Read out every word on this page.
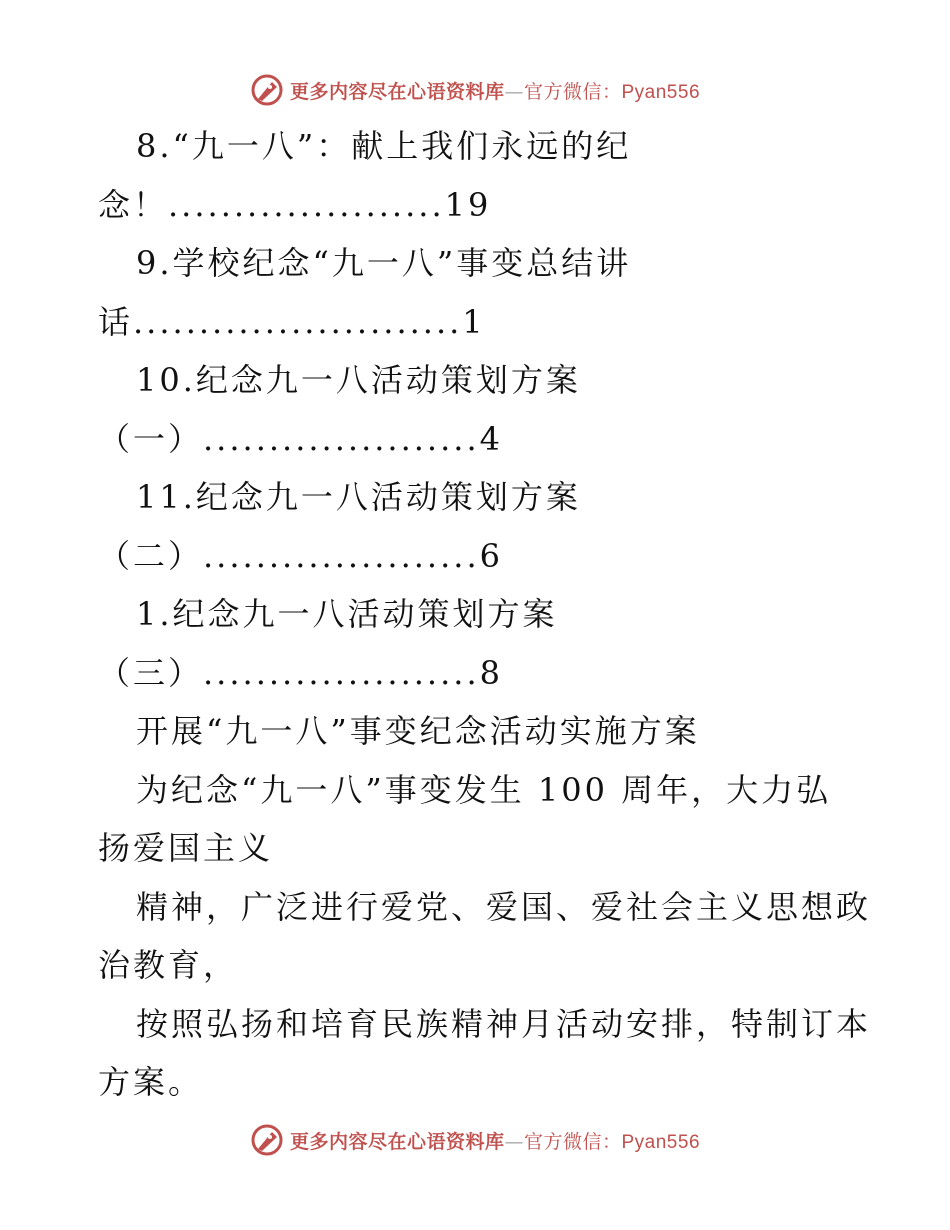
更多内容尽在心语资料库—官方微信：Pyan556
8.“九一八”：献上我们永远的纪
念！.....................19
9.学校纪念“九一八”事变总结讲
话.........................1
10.纪念九一八活动策划方案
（一）.....................4
11.纪念九一八活动策划方案
（二）.....................6
1.纪念九一八活动策划方案
（三）.....................8
开展“九一八”事变纪念活动实施方案
为纪念“九一八”事变发生 100 周年，大力弘
扬爱国主义
精神，广泛进行爱党、爱国、爱社会主义思想政
治教育，
按照弘扬和培育民族精神月活动安排，特制订本
方案。
更多内容尽在心语资料库—官方微信：Pyan556
